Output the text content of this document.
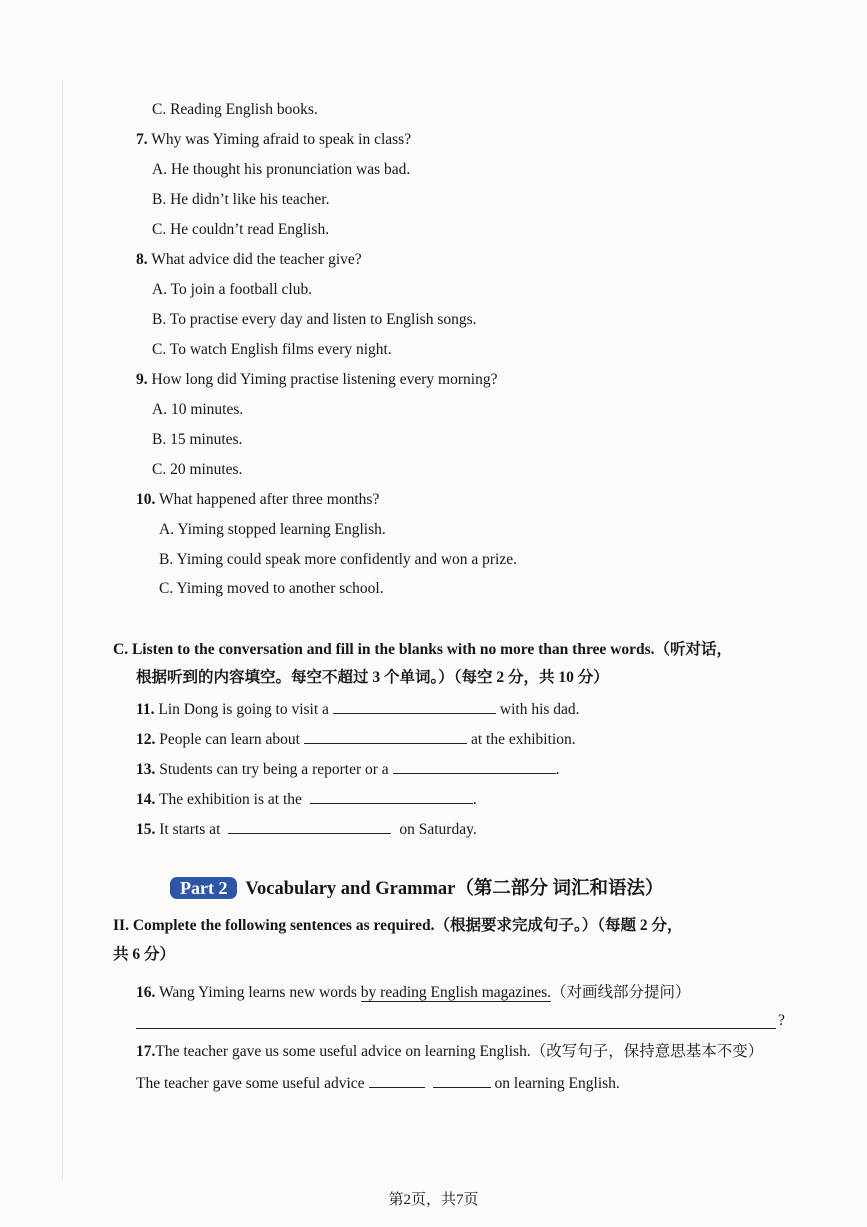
C. Reading English books.
7. Why was Yiming afraid to speak in class?
A. He thought his pronunciation was bad.
B. He didn’t like his teacher.
C. He couldn’t read English.
8. What advice did the teacher give?
A. To join a football club.
B. To practise every day and listen to English songs.
C. To watch English films every night.
9. How long did Yiming practise listening every morning?
A. 10 minutes.
B. 15 minutes.
C. 20 minutes.
10. What happened after three months?
A. Yiming stopped learning English.
B. Yiming could speak more confidently and won a prize.
C. Yiming moved to another school.
C. Listen to the conversation and fill in the blanks with no more than three words.（听对话，
根据听到的内容填空。每空不超过 3 个单词。）（每空 2 分，共 10 分）
11. Lin Dong is going to visit a	with his dad.
12. People can learn about	at the exhibition.
13. Students can try being a reporter or a	.
14. The exhibition is at the	.
15. It starts at	on Saturday.
Part 2 Vocabulary and Grammar（第二部分 词汇和语法）
II. Complete the following sentences as required.（根据要求完成句子。）（每题 2 分，
共 6 分）
16. Wang Yiming learns new words by reading English magazines.（对画线部分提问）
?
17.The teacher gave us some useful advice on learning English.（改写句子，保持意思基本不变）
The teacher gave some useful advice	on learning English.
第2页，共7页
